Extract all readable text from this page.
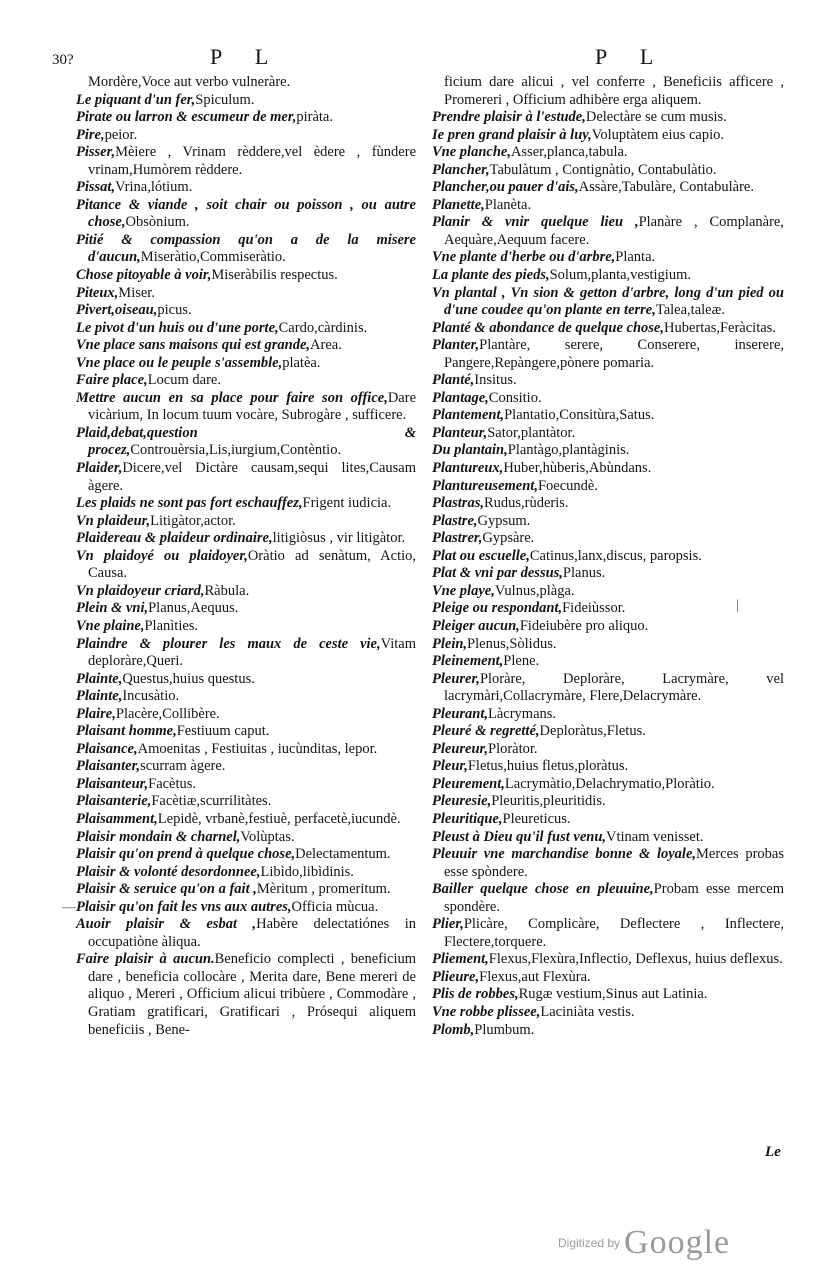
30?	P L	P L
Mordère,Voce aut verbo vulneràre.
Le piquant d'un fer,Spiculum.
Pirate ou larron & escumeur de mer,piràta.
Pire,peior.
Pisser,Mèiere , Vrinam rèddere,vel èdere , fùndere vrinam,Humòrem rèddere.
Pissat,Vrina,lótium.
Pitance & viande , soit chair ou poisson , ou autre chose,Obsònium.
Pitié & compassion qu'on a de la misere d'aucun,Miseràtio,Commiseràtio.
Chose pitoyable à voir,Miseràbilis respectus.
Piteux,Miser.
Pivert,oiseau,picus.
Le pivot d'un huis ou d'une porte,Cardo,càrdinis.
Vne place sans maisons qui est grande,Area.
Vne place ou le peuple s'assemble,platèa.
Faire place,Locum dare.
Mettre aucun en sa place pour faire son office,Dare vicàrium, In locum tuum vocàre, Subrogàre , sufficere.
Plaid,debat,question & procez,Controuèrsia,Lis,iurgium,Contèntio.
Plaider,Dicere,vel Dictàre causam,sequi lites,Causam àgere.
Les plaids ne sont pas fort eschauffez,Frigent iudicia.
Vn plaideur,Litigàtor,actor.
Plaidereau & plaideur ordinaire,litigiòsus , vir litigàtor.
Vn plaidoyé ou plaidoyer,Oràtio ad senàtum, Actio, Causa.
Vn plaidoyeur criard,Ràbula.
Plein & vni,Planus,Aequus.
Vne plaine,Planìties.
Plaindre & plourer les maux de ceste vie,Vitam deploràre,Queri.
Plainte,Questus,huius questus.
Plainte,Incusàtio.
Plaire,Placère,Collibère.
Plaisant homme,Festiuum caput.
Plaisance,Amoenitas , Festiuitas , iucùnditas, lepor.
Plaisanter,scurram àgere.
Plaisanteur,Facètus.
Plaisanterie,Facètiæ,scurrilitàtes.
Plaisamment,Lepidè, vrbanè,festiuè, perfacetè,iucundè.
Plaisir mondain & charnel,Volùptas.
Plaisir qu'on prend à quelque chose,Delectamentum.
Plaisir & volonté desordonnee,Libìdo,libìdinis.
Plaisir & seruice qu'on a fait ,Mèritum , promeritum.
Plaisir qu'on fait les vns aux autres,Officia mùcua.
Auoir plaisir & esbat ,Habère delectatiónes in occupatiòne àliqua.
Faire plaisir à aucun.Beneficio complecti , beneficium dare , beneficia collocàre , Merita dare, Bene mereri de aliquo , Mereri , Officium alicui tribùere , Commodàre , Gratiam gratificari, Gratificari , Prósequi aliquem beneficiis , Bene-
ficium dare alicui , vel conferre , Beneficiis afficere , Promereri , Officium adhibère erga aliquem.
Prendre plaisir à l'estude,Delectàre se cum musis.
Ie pren grand plaisir à luy,Voluptàtem eius capio.
Vne planche,Asser,planca,tabula.
Plancher,Tabulàtum , Contignàtio, Contabulàtio.
Plancher,ou pauer d'ais,Assàre,Tabulàre, Contabulàre.
Planette,Planèta.
Planir & vnir quelque lieu ,Planàre , Complanàre, Aequàre,Aequum facere.
Vne plante d'herbe ou d'arbre,Planta.
La plante des pieds,Solum,planta,vestigium.
Vn plantal , Vn sion & getton d'arbre, long d'un pied ou d'une coudee qu'on plante en terre,Talea,taleæ.
Planté & abondance de quelque chose,Hubertas,Feràcitas.
Planter,Plantàre, serere, Conserere, inserere, Pangere,Repàngere,pònere pomaria.
Planté,Insitus.
Plantage,Consitio.
Plantement,Plantatio,Consitùra,Satus.
Planteur,Sator,plantàtor.
Du plantain,Plantàgo,plantàginis.
Plantureux,Huber,hùberis,Abùndans.
Plantureusement,Foecundè.
Plastras,Rudus,rùderis.
Plastre,Gypsum.
Plastrer,Gypsàre.
Plat ou escuelle,Catinus,lanx,discus, paropsis.
Plat & vni par dessus,Planus.
Vne playe,Vulnus,plàga.
Pleige ou respondant,Fideiùssor.
Pleiger aucun,Fideiubère pro aliquo.
Plein,Plenus,Sòlidus.
Pleinement,Plene.
Pleurer,Ploràre, Deploràre, Lacrymàre, vel lacrymàri,Collacrymàre, Flere,Delacrymàre.
Pleurant,Làcrymans.
Pleuré & regretté,Deploràtus,Fletus.
Pleureur,Ploràtor.
Pleur,Fletus,huius fletus,ploràtus.
Pleurement,Lacrymàtio,Delachrymatio,Ploràtio.
Pleuresie,Pleuritis,pleuritidis.
Pleuritique,Pleureticus.
Pleust à Dieu qu'il fust venu,Vtinam venisset.
Pleuuir vne marchandise bonne & loyale,Merces probas esse spòndere.
Bailler quelque chose en pleuuine,Probam esse mercem spondère.
Plier,Plicàre, Complicàre, Deflectere , Inflectere, Flectere,torquere.
Pliement,Flexus,Flexùra,Inflectio, Deflexus, huius deflexus.
Plieure,Flexus,aut Flexùra.
Plis de robbes,Rugæ vestium,Sinus aut Latinia.
Vne robbe plissee,Laciniàta vestis.
Plomb,Plumbum.
—
|
Le
Digitized by Google
